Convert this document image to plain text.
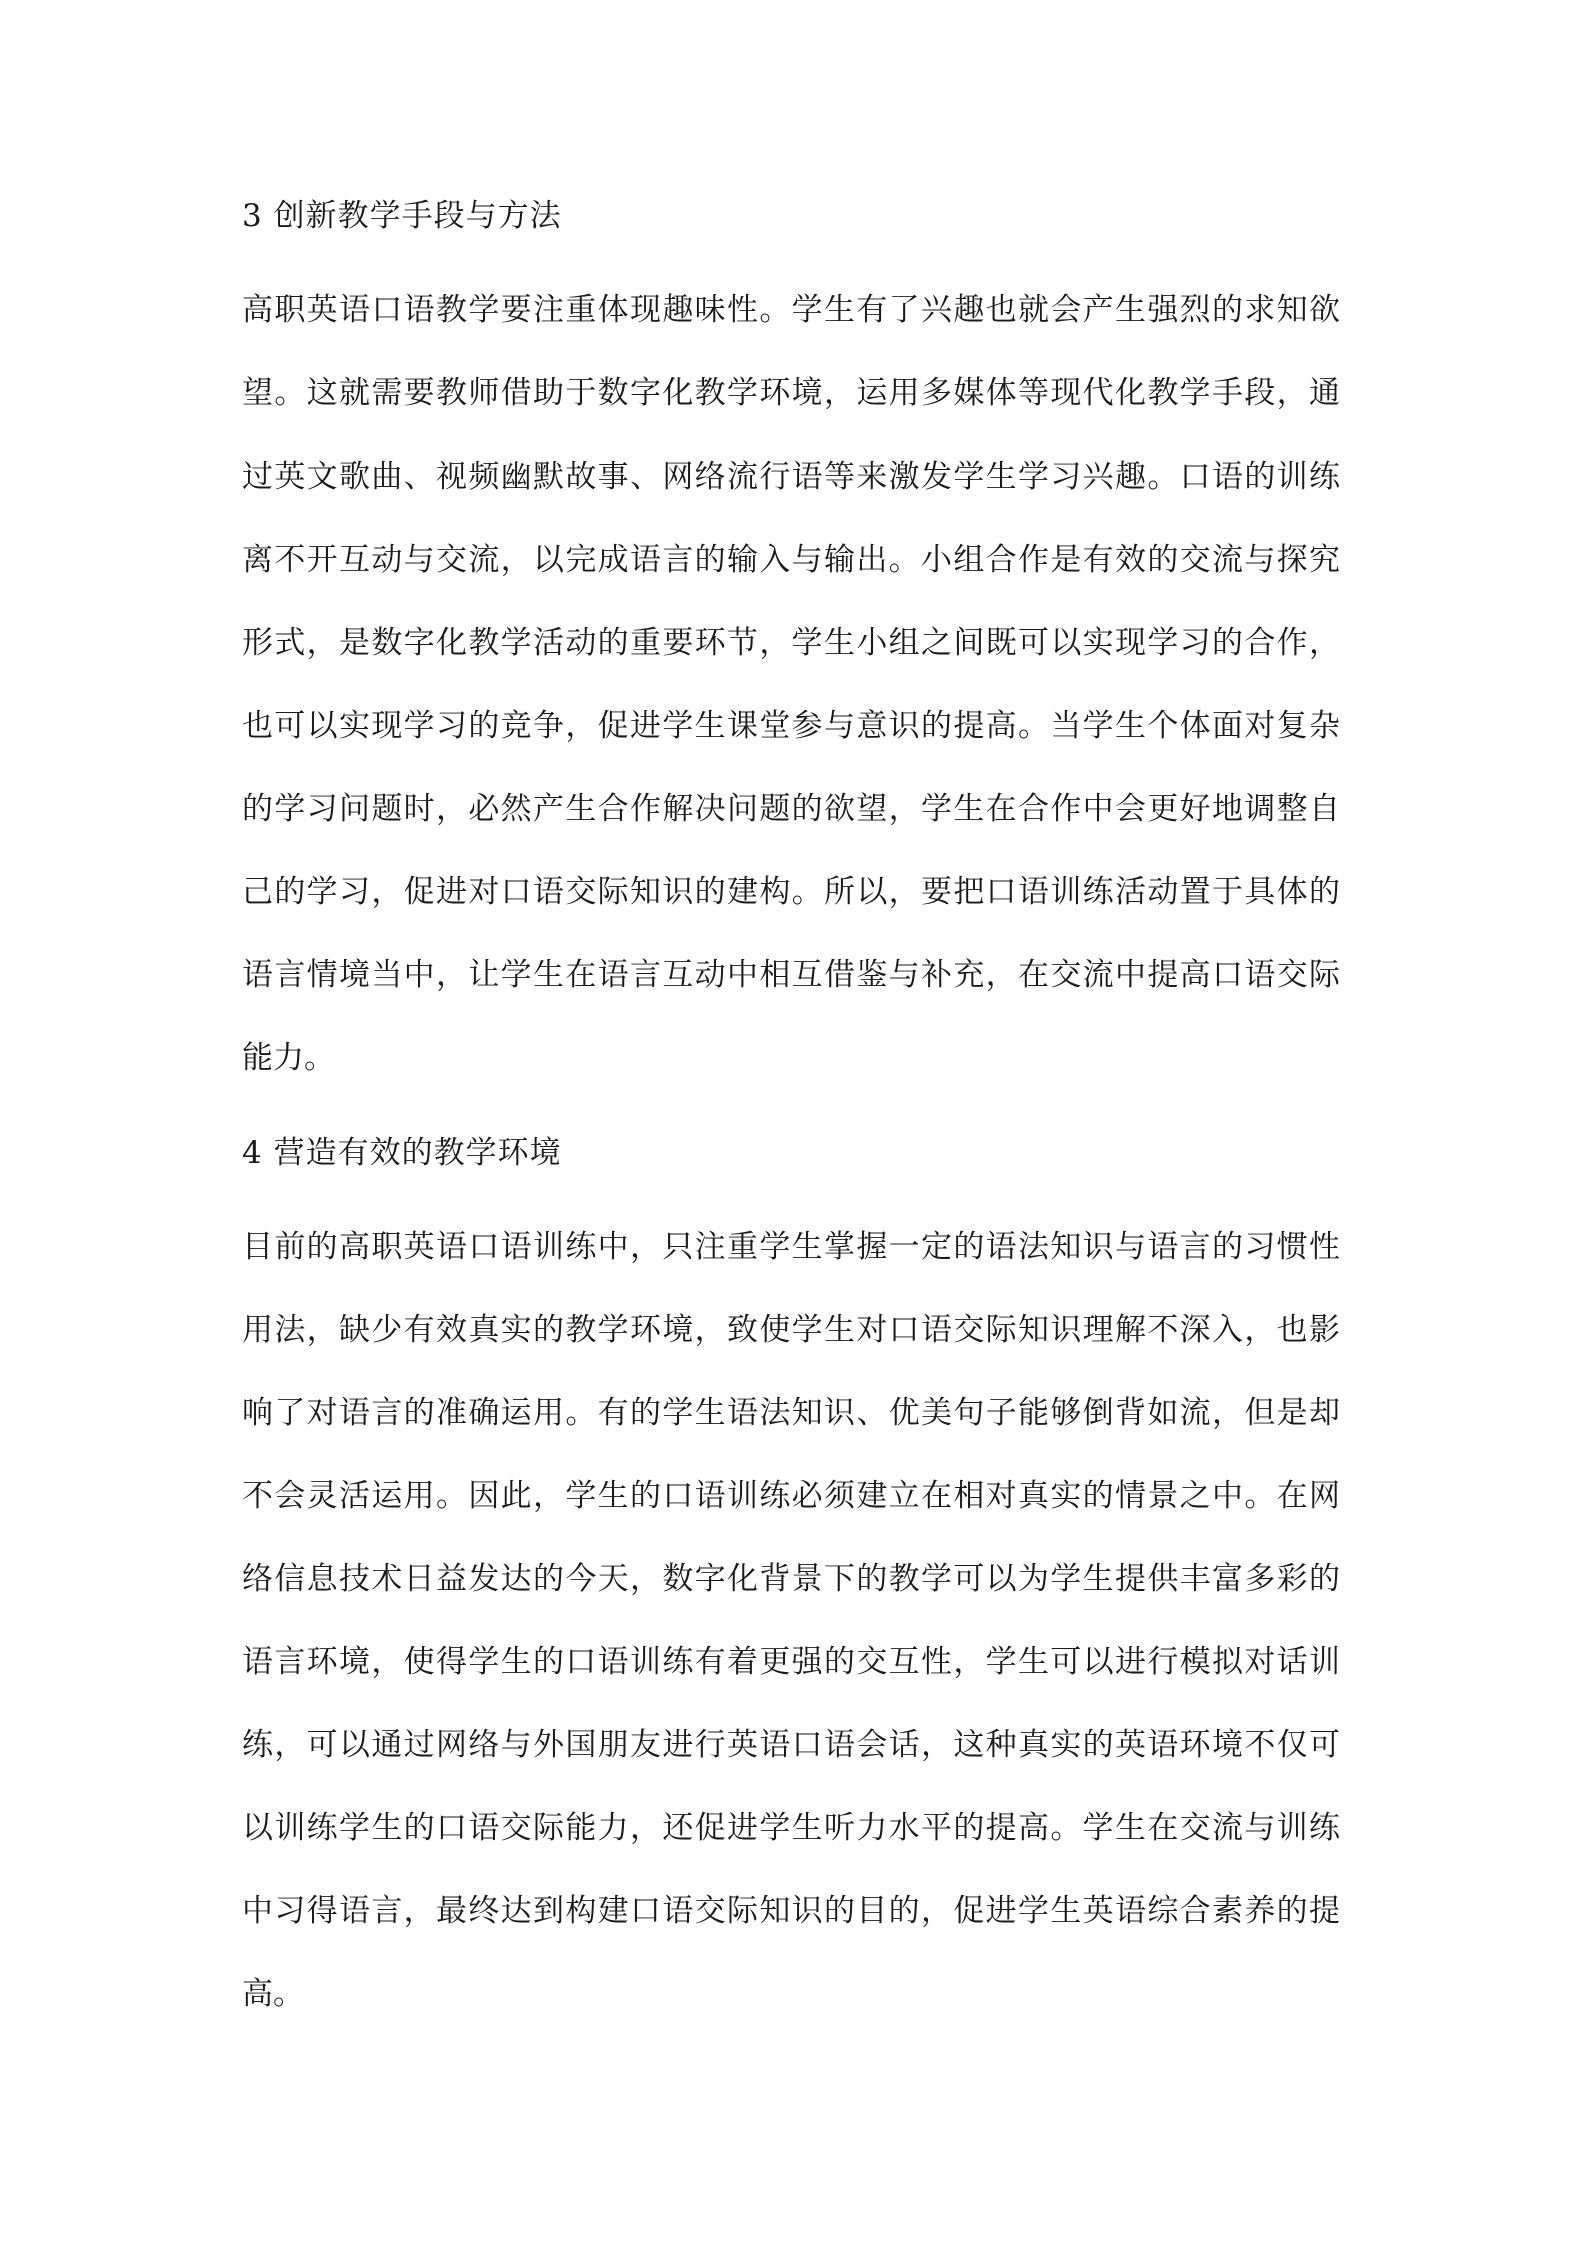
3 创新教学手段与方法
高职英语口语教学要注重体现趣味性。学生有了兴趣也就会产生强烈的求知欲
望。这就需要教师借助于数字化教学环境，运用多媒体等现代化教学手段，通
过英文歌曲、视频幽默故事、网络流行语等来激发学生学习兴趣。口语的训练
离不开互动与交流，以完成语言的输入与输出。小组合作是有效的交流与探究
形式，是数字化教学活动的重要环节，学生小组之间既可以实现学习的合作，
也可以实现学习的竞争，促进学生课堂参与意识的提高。当学生个体面对复杂
的学习问题时，必然产生合作解决问题的欲望，学生在合作中会更好地调整自
己的学习，促进对口语交际知识的建构。所以，要把口语训练活动置于具体的
语言情境当中，让学生在语言互动中相互借鉴与补充，在交流中提高口语交际
能力。
4 营造有效的教学环境
目前的高职英语口语训练中，只注重学生掌握一定的语法知识与语言的习惯性
用法，缺少有效真实的教学环境，致使学生对口语交际知识理解不深入，也影
响了对语言的准确运用。有的学生语法知识、优美句子能够倒背如流，但是却
不会灵活运用。因此，学生的口语训练必须建立在相对真实的情景之中。在网
络信息技术日益发达的今天，数字化背景下的教学可以为学生提供丰富多彩的
语言环境，使得学生的口语训练有着更强的交互性，学生可以进行模拟对话训
练，可以通过网络与外国朋友进行英语口语会话，这种真实的英语环境不仅可
以训练学生的口语交际能力，还促进学生听力水平的提高。学生在交流与训练
中习得语言，最终达到构建口语交际知识的目的，促进学生英语综合素养的提
高。
